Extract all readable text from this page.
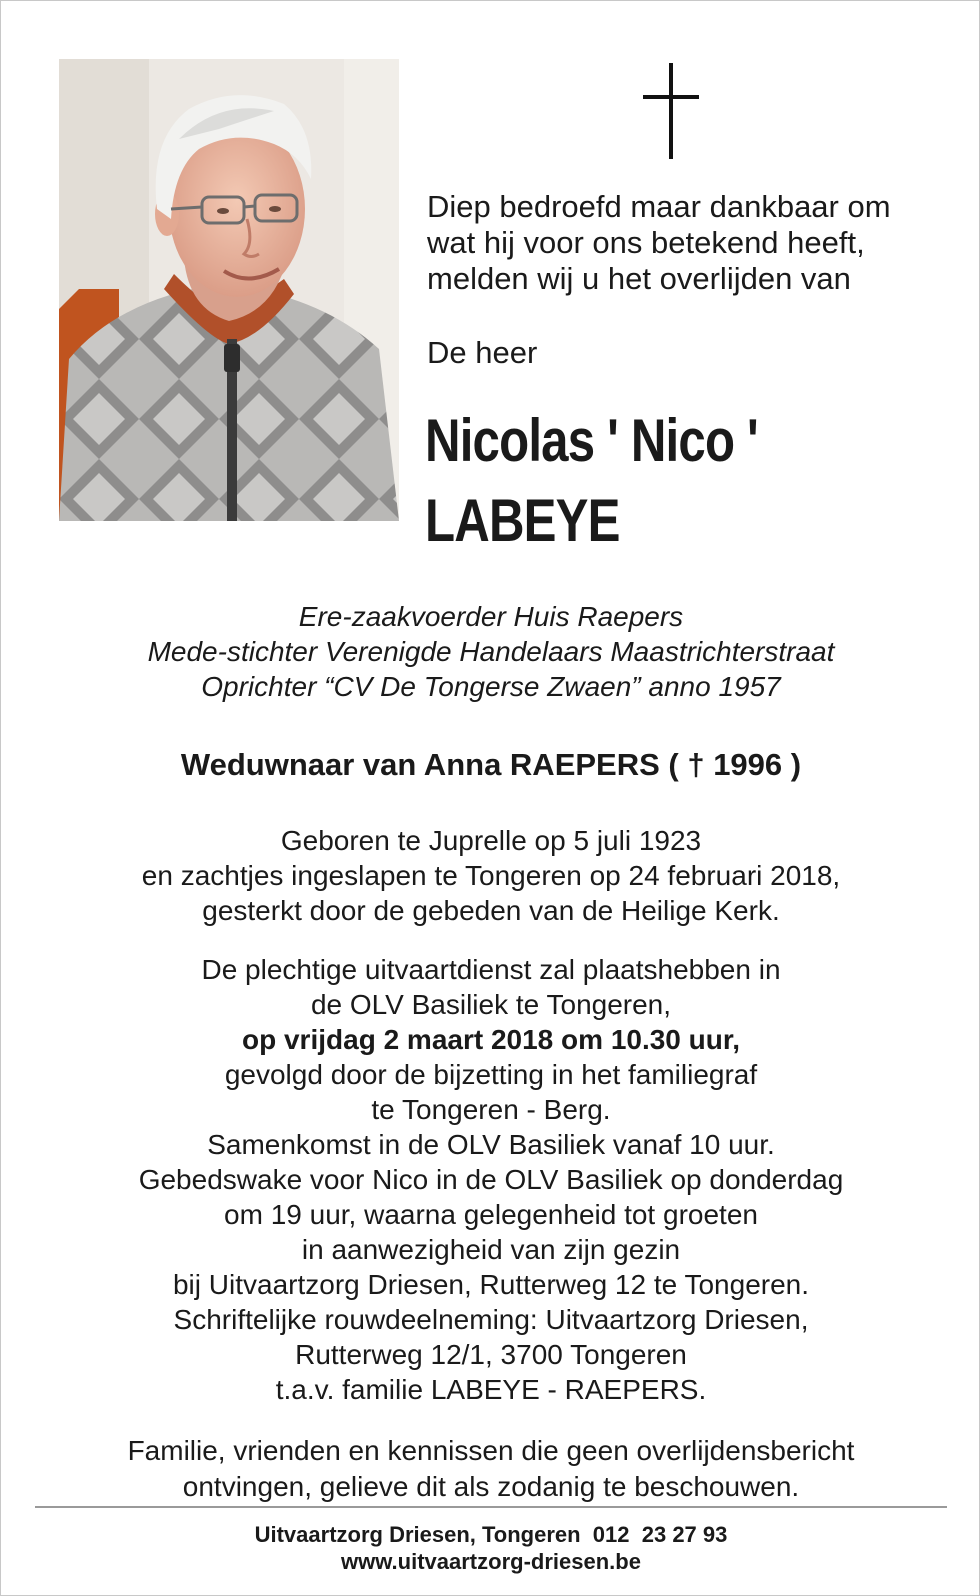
Diep bedroefd maar dankbaar om
wat hij voor ons betekend heeft,
melden wij u het overlijden van
De heer
Nicolas ' Nico '
LABEYE
Ere-zaakvoerder Huis Raepers
Mede-stichter Verenigde Handelaars Maastrichterstraat
Oprichter “CV De Tongerse Zwaen” anno 1957
Weduwnaar van Anna RAEPERS ( † 1996 )
Geboren te Juprelle op 5 juli 1923
en zachtjes ingeslapen te Tongeren op 24 februari 2018,
gesterkt door de gebeden van de Heilige Kerk.
De plechtige uitvaartdienst zal plaatshebben in
de OLV Basiliek te Tongeren,
op vrijdag 2 maart 2018 om 10.30 uur,
gevolgd door de bijzetting in het familiegraf
te Tongeren - Berg.
Samenkomst in de OLV Basiliek vanaf 10 uur.
Gebedswake voor Nico in de OLV Basiliek op donderdag
om 19 uur, waarna gelegenheid tot groeten
in aanwezigheid van zijn gezin
bij Uitvaartzorg Driesen, Rutterweg 12 te Tongeren.
Schriftelijke rouwdeelneming: Uitvaartzorg Driesen,
Rutterweg 12/1, 3700 Tongeren
t.a.v. familie LABEYE - RAEPERS.
Familie, vrienden en kennissen die geen overlijdensbericht
ontvingen, gelieve dit als zodanig te beschouwen.
Uitvaartzorg Driesen, Tongeren  012  23 27 93
www.uitvaartzorg-driesen.be
